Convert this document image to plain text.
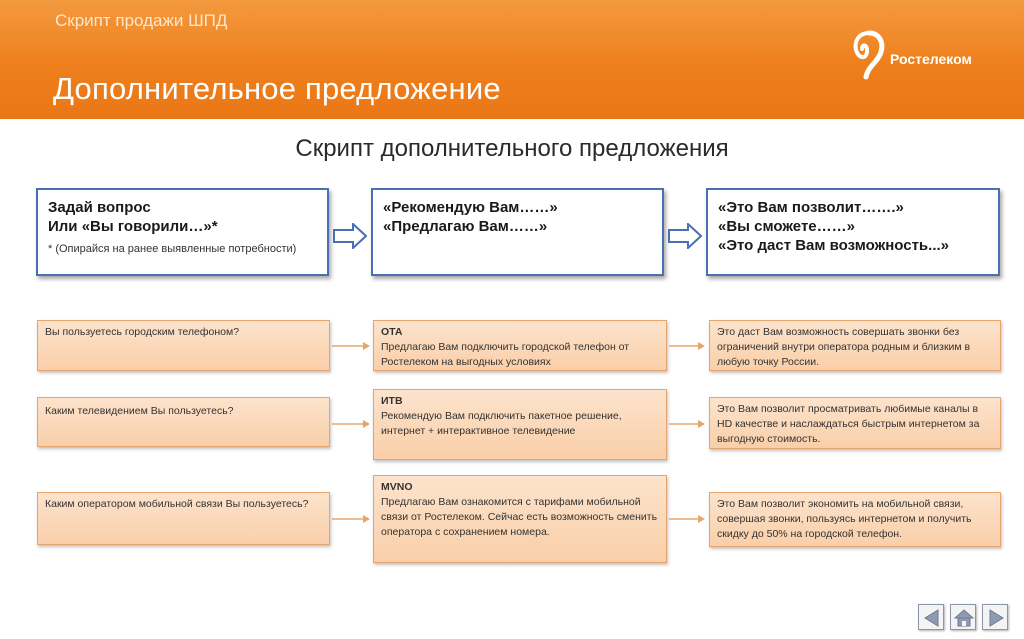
Скрипт продажи ШПД
Дополнительное предложение
Ростелеком
Скрипт дополнительного предложения
Задай вопрос
Или «Вы говорили…»*
* (Опирайся на ранее выявленные потребности)
«Рекомендую Вам……»
«Предлагаю Вам……»
«Это Вам позволит…….»
«Вы сможете……»
«Это даст Вам возможность...»
Вы пользуетесь городским телефоном?	ОТА
Предлагаю Вам подключить городской телефон от Ростелеком на выгодных условиях
Это даст Вам возможность совершать звонки без ограничений внутри оператора родным и близким в любую точку России.
Каким телевидением Вы пользуетесь?
ИТВ
Рекомендую Вам подключить пакетное решение, интернет + интерактивное телевидение
Это Вам позволит просматривать любимые каналы в HD качестве и наслаждаться быстрым интернетом за выгодную стоимость.
Каким оператором мобильной связи Вы пользуетесь?
MVNO
Предлагаю Вам ознакомится с тарифами мобильной связи от Ростелеком. Сейчас есть возможность сменить оператора с сохранением номера.
Это Вам позволит экономить на мобильной связи, совершая звонки, пользуясь интернетом и получить скидку до 50% на городской телефон.
